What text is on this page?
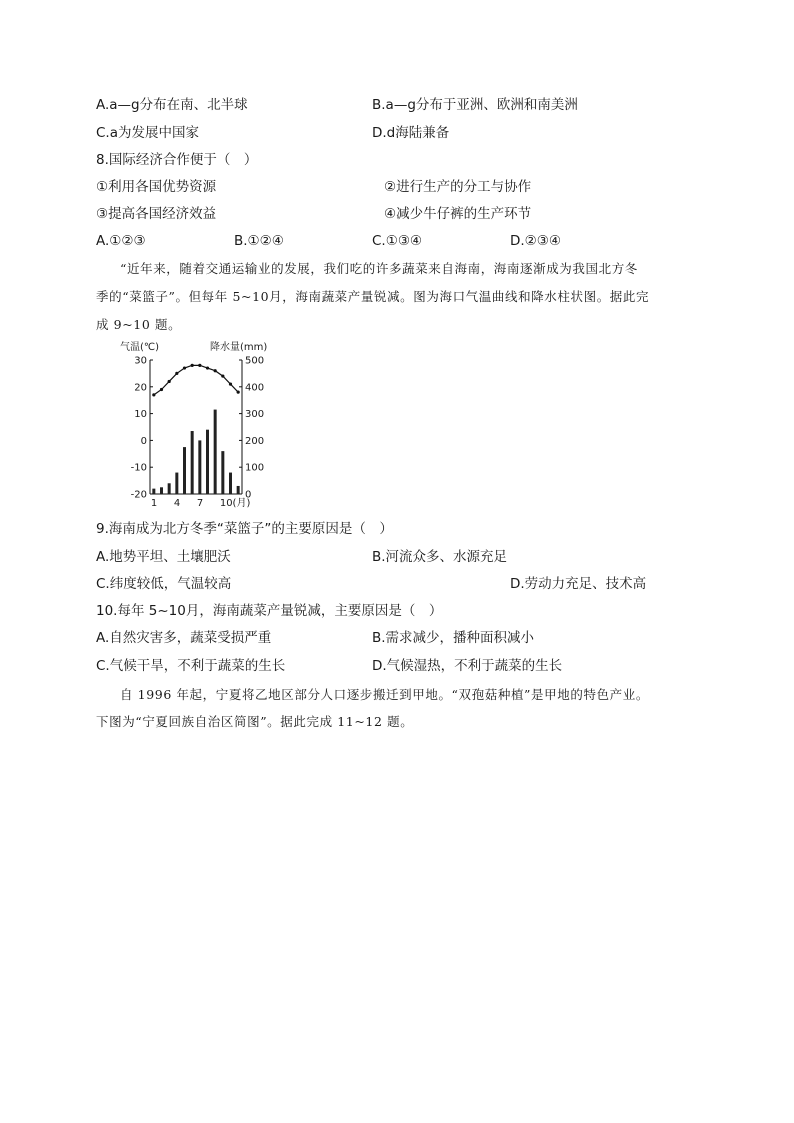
A.a—g分布在南、北半球	B.a—g分布于亚洲、欧洲和南美洲
C.a为发展中国家	D.d海陆兼备
8.国际经济合作便于（　）
①利用各国优势资源	②进行生产的分工与协作
③提高各国经济效益	④减少牛仔裤的生产环节
A.①②③	B.①②④	C.①③④	D.②③④
“近年来，随着交通运输业的发展，我们吃的许多蔬菜来自海南，海南逐渐成为我国北方冬
季的“菜篮子”。但每年 5~10月，海南蔬菜产量锐减。图为海口气温曲线和降水柱状图。据此完
成 9~10 题。
气温(℃)	降水量(mm)
30
20
10
0
-10
-20
500
400
300
200
100
0
1 4 7 10(月)
9.海南成为北方冬季“菜篮子”的主要原因是（　）
A.地势平坦、土壤肥沃	B.河流众多、水源充足
C.纬度较低，气温较高	D.劳动力充足、技术高
10.每年 5~10月，海南蔬菜产量锐减，主要原因是（　）
A.自然灾害多，蔬菜受损严重	B.需求减少，播种面积减小
C.气候干旱，不利于蔬菜的生长	D.气候湿热，不利于蔬菜的生长
自 1996 年起，宁夏将乙地区部分人口逐步搬迁到甲地。“双孢菇种植”是甲地的特色产业。
下图为“宁夏回族自治区简图”。据此完成 11~12 题。
